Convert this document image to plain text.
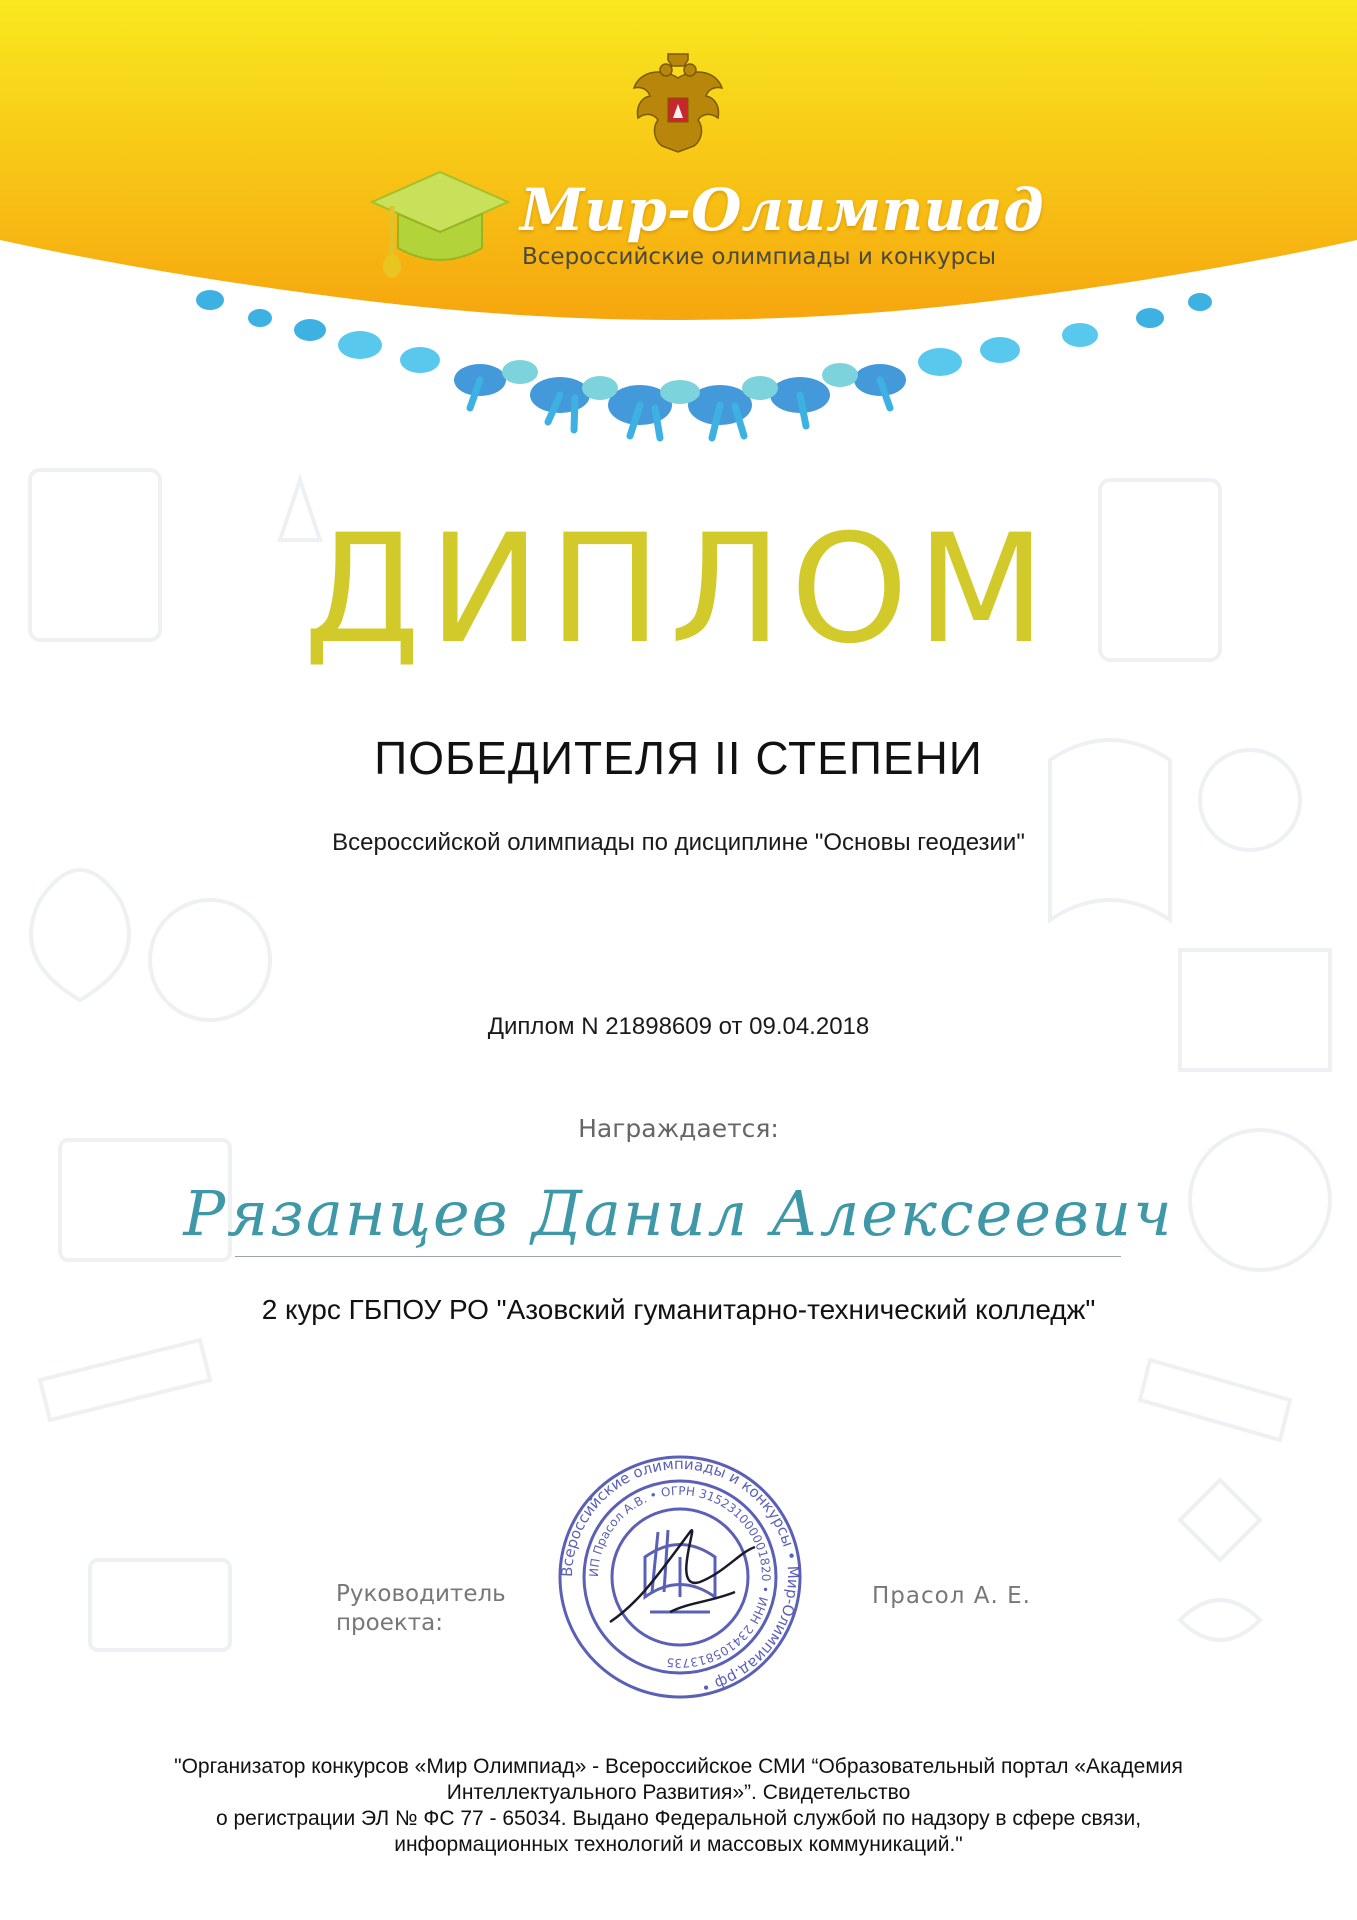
Мир-Олимпиад
Всероссийские олимпиады и конкурсы
ДИПЛОМ
ПОБЕДИТЕЛЯ II СТЕПЕНИ
Всероссийской олимпиады по дисциплине "Основы геодезии"
Диплом N 21898609 от 09.04.2018
Награждается:
Рязанцев Данил Алексеевич
2 курс ГБПОУ РО "Азовский гуманитарно-технический колледж"
Руководитель
проекта:
Прасол А. Е.
Всероссийские олимпиады и конкурсы • Мир-Олимпиад.рф •
ИП Прасол А.В. • ОГРН 315231000001820 • ИНН 234105813735
"Организатор конкурсов «Мир Олимпиад» - Всероссийское СМИ “Образовательный портал «Академия
Интеллектуального Развития»”. Свидетельство
о регистрации ЭЛ № ФС 77 - 65034. Выдано Федеральной службой по надзору в сфере связи,
информационных технологий и массовых коммуникаций."
